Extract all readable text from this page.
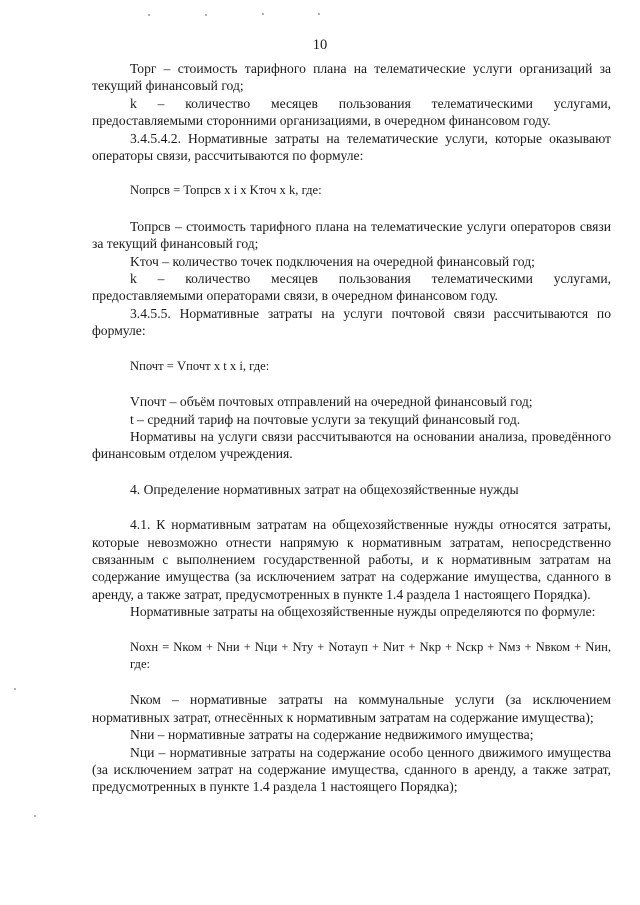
10

Торг – стоимость тарифного плана на телематические услуги организаций за текущий финансовый год;

k – количество месяцев пользования телематическими услугами, предоставляемыми сторонними организациями, в очередном финансовом году.

3.4.5.4.2. Нормативные затраты на телематические услуги, которые оказывают операторы связи, рассчитываются по формуле:

Nопрсв = Топрсв x i x Kточ x k, где:

Топрсв – стоимость тарифного плана на телематические услуги операторов связи за текущий финансовый год;

Kточ – количество точек подключения на очередной финансовый год;

k – количество месяцев пользования телематическими услугами, предоставляемыми операторами связи, в очередном финансовом году.

3.4.5.5. Нормативные затраты на услуги почтовой связи рассчитываются по формуле:

Nпочт = Vпочт x t x i, где:

Vпочт – объём почтовых отправлений на очередной финансовый год;

t – средний тариф на почтовые услуги за текущий финансовый год.

Нормативы на услуги связи рассчитываются на основании анализа, проведённого финансовым отделом учреждения.

4. Определение нормативных затрат на общехозяйственные нужды

4.1. К нормативным затратам на общехозяйственные нужды относятся затраты, которые невозможно отнести напрямую к нормативным затратам, непосредственно связанным с выполнением государственной работы, и к нормативным затратам на содержание имущества (за исключением затрат на содержание имущества, сданного в аренду, а также затрат, предусмотренных в пункте 1.4 раздела 1 настоящего Порядка).

Нормативные затраты на общехозяйственные нужды определяются по формуле:

Nохн = Nком + Nни + Nци + Nту + Nотаyп + Nит + Nкр + Nскр + Nмз + Nвком + Nин, где:

Nком – нормативные затраты на коммунальные услуги (за исключением нормативных затрат, отнесённых к нормативным затратам на содержание имущества);

Nни – нормативные затраты на содержание недвижимого имущества;

Nци – нормативные затраты на содержание особо ценного движимого имущества (за исключением затрат на содержание имущества, сданного в аренду, а также затрат, предусмотренных в пункте 1.4 раздела 1 настоящего Порядка);
